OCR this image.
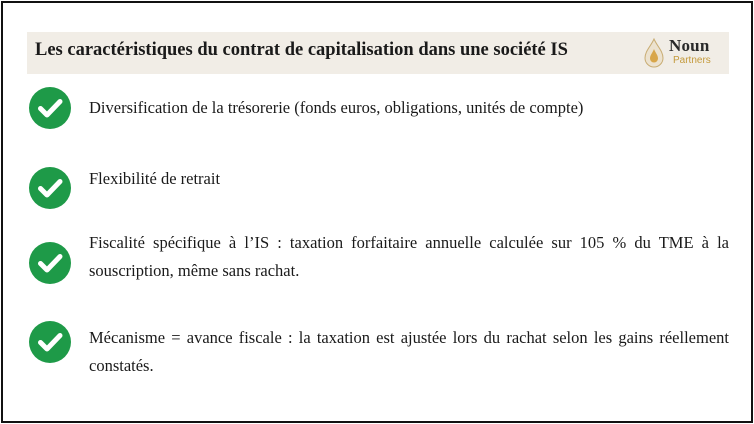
Les caractéristiques du contrat de capitalisation dans une société IS	Noun
Partners
Diversification de la trésorerie (fonds euros, obligations, unités de compte)
Flexibilité de retrait
Fiscalité spécifique à l’IS : taxation forfaitaire annuelle calculée sur 105 % du TME à la souscription, même sans rachat.
Mécanisme = avance fiscale : la taxation est ajustée lors du rachat selon les gains réellement constatés.
